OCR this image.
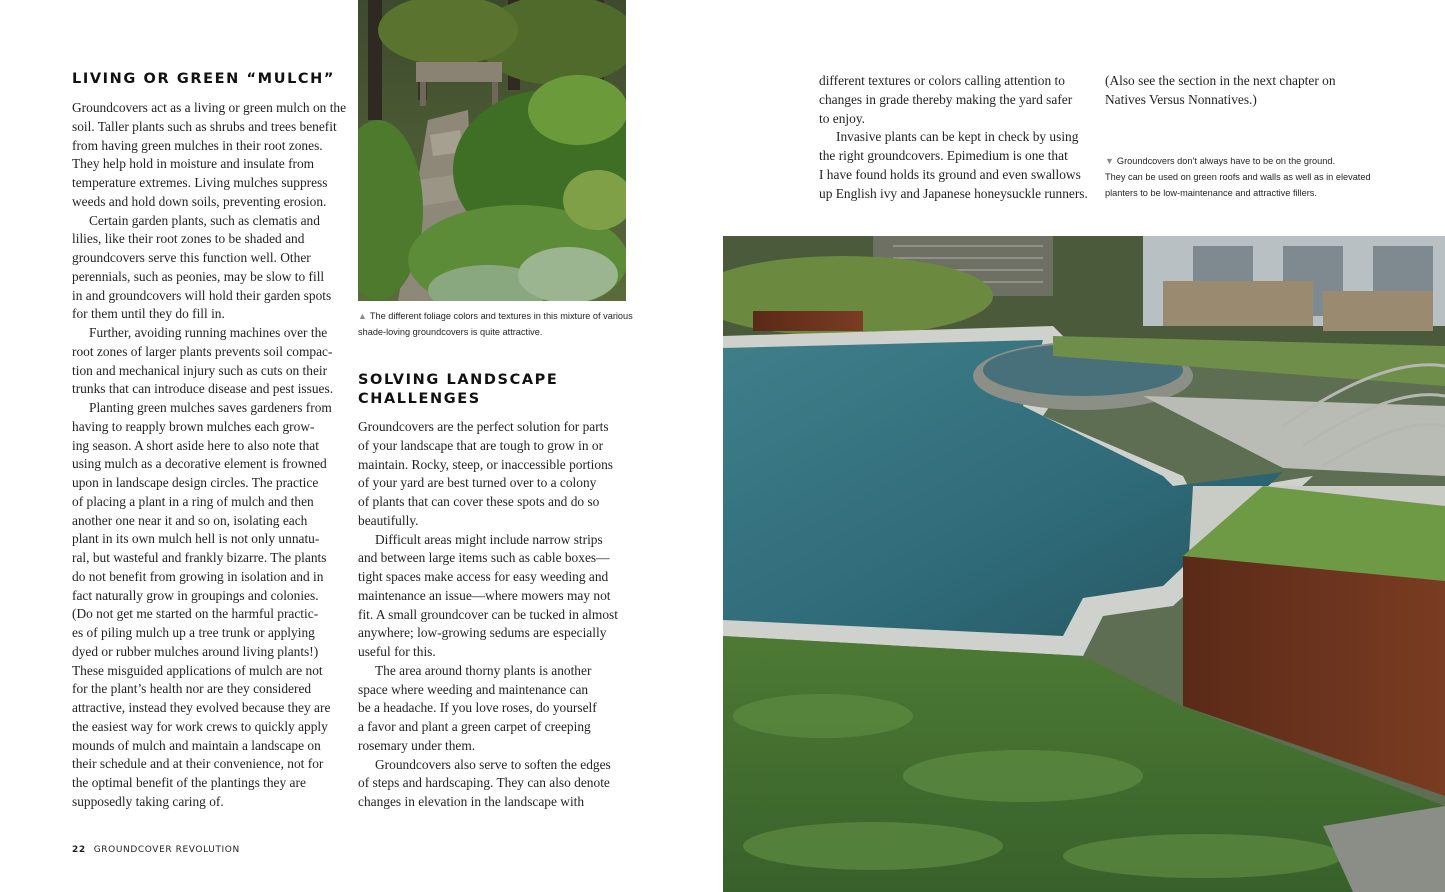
LIVING OR GREEN “MULCH”

Groundcovers act as a living or green mulch on the
soil. Taller plants such as shrubs and trees benefit
from having green mulches in their root zones.
They help hold in moisture and insulate from
temperature extremes. Living mulches suppress
weeds and hold down soils, preventing erosion.

Certain garden plants, such as clematis and
lilies, like their root zones to be shaded and
groundcovers serve this function well. Other
perennials, such as peonies, may be slow to fill
in and groundcovers will hold their garden spots
for them until they do fill in.

Further, avoiding running machines over the
root zones of larger plants prevents soil compac-
tion and mechanical injury such as cuts on their
trunks that can introduce disease and pest issues.

Planting green mulches saves gardeners from
having to reapply brown mulches each grow-
ing season. A short aside here to also note that
using mulch as a decorative element is frowned
upon in landscape design circles. The practice
of placing a plant in a ring of mulch and then
another one near it and so on, isolating each
plant in its own mulch hell is not only unnatu-
ral, but wasteful and frankly bizarre. The plants
do not benefit from growing in isolation and in
fact naturally grow in groupings and colonies.
(Do not get me started on the harmful practic-
es of piling mulch up a tree trunk or applying
dyed or rubber mulches around living plants!)
These misguided applications of mulch are not
for the plant’s health nor are they considered
attractive, instead they evolved because they are
the easiest way for work crews to quickly apply
mounds of mulch and maintain a landscape on
their schedule and at their convenience, not for
the optimal benefit of the plantings they are
supposedly taking caring of.

▲ The different foliage colors and textures in this mixture of various
shade-loving groundcovers is quite attractive.
SOLVING LANDSCAPE
CHALLENGES

Groundcovers are the perfect solution for parts
of your landscape that are tough to grow in or
maintain. Rocky, steep, or inaccessible portions
of your yard are best turned over to a colony
of plants that can cover these spots and do so
beautifully.

Difficult areas might include narrow strips
and between large items such as cable boxes—
tight spaces make access for easy weeding and
maintenance an issue—where mowers may not
fit. A small groundcover can be tucked in almost
anywhere; low-growing sedums are especially
useful for this.

The area around thorny plants is another
space where weeding and maintenance can
be a headache. If you love roses, do yourself
a favor and plant a green carpet of creeping
rosemary under them.

Groundcovers also serve to soften the edges
of steps and hardscaping. They can also denote
changes in elevation in the landscape with

22 GROUNDCOVER REVOLUTION

different textures or colors calling attention to
changes in grade thereby making the yard safer
to enjoy.

Invasive plants can be kept in check by using
the right groundcovers. Epimedium is one that
I have found holds its ground and even swallows
up English ivy and Japanese honeysuckle runners.

(Also see the section in the next chapter on
Natives Versus Nonnatives.)

▼ Groundcovers don’t always have to be on the ground.
They can be used on green roofs and walls as well as in elevated
planters to be low-maintenance and attractive fillers.
